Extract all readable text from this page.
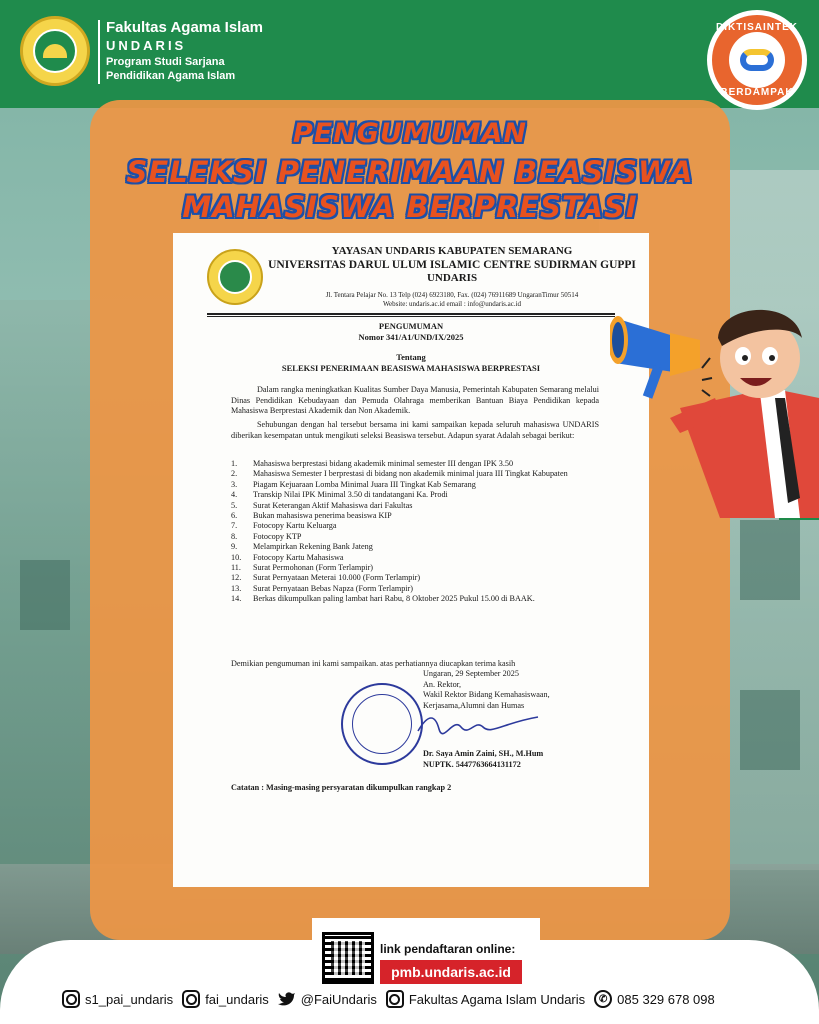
Fakultas Agama Islam
UNDARIS
Program Studi Sarjana
Pendidikan Agama Islam
DIKTISAINTEK
BERDAMPAK
PENGUMUMAN
SELEKSI PENERIMAAN BEASISWA
MAHASISWA BERPRESTASI
YAYASAN UNDARIS KABUPATEN SEMARANG
UNIVERSITAS DARUL ULUM ISLAMIC CENTRE SUDIRMAN GUPPI
UNDARIS
Jl. Tentara Pelajar No. 13 Telp (024) 6923180, Fax. (024) 76911689 UngaranTimur 50514
Website: undaris.ac.id email : info@undaris.ac.id
PENGUMUMAN
Nomor 341/A1/UND/IX/2025
Tentang
SELEKSI PENERIMAAN BEASISWA MAHASISWA BERPRESTASI
Dalam rangka meningkatkan Kualitas Sumber Daya Manusia, Pemerintah Kabupaten Semarang melalui Dinas Pendidikan Kebudayaan dan Pemuda Olahraga memberikan Bantuan Biaya Pendidikan kepada Mahasiswa Berprestasi Akademik dan Non Akademik.
Sehubungan dengan hal tersebut bersama ini kami sampaikan kepada seluruh mahasiswa UNDARIS diberikan kesempatan untuk mengikuti seleksi Beasiswa tersebut. Adapun syarat Adalah sebagai berikut:
1.	Mahasiswa berprestasi bidang akademik minimal semester III dengan IPK 3.50
2.	Mahasiswa Semester I berprestasi di bidang non akademik minimal juara III Tingkat Kabupaten
3.	Piagam Kejuaraan Lomba Minimal Juara III Tingkat Kab Semarang
4.	Transkip Nilai IPK Minimal 3.50 di tandatangani Ka. Prodi
5.	Surat Keterangan Aktif Mahasiswa dari Fakultas
6.	Bukan mahasiswa penerima beasiswa KIP
7.	Fotocopy Kartu Keluarga
8.	Fotocopy KTP
9.	Melampirkan Rekening Bank Jateng
10.	Fotocopy Kartu Mahasiswa
11.	Surat Permohonan (Form Terlampir)
12.	Surat Pernyataan Meterai 10.000 (Form Terlampir)
13.	Surat Pernyataan Bebas Napza (Form Terlampir)
14.	Berkas dikumpulkan paling lambat hari Rabu, 8 Oktober 2025 Pukul 15.00 di BAAK.
Demikian pengumuman ini kami sampaikan. atas perhatiannya diucapkan terima kasih
Ungaran, 29 September 2025
An. Rektor,
Wakil Rektor Bidang Kemahasiswaan,
Kerjasama,Alumni dan Humas
Dr. Saya Amin Zaini, SH., M.Hum
NUPTK. 5447763664131172
Catatan : Masing-masing persyaratan dikumpulkan rangkap 2
link pendaftaran online:
pmb.undaris.ac.id
s1_pai_undaris fai_undaris @FaiUndaris Fakultas Agama Islam Undaris	✆ 085 329 678 098
